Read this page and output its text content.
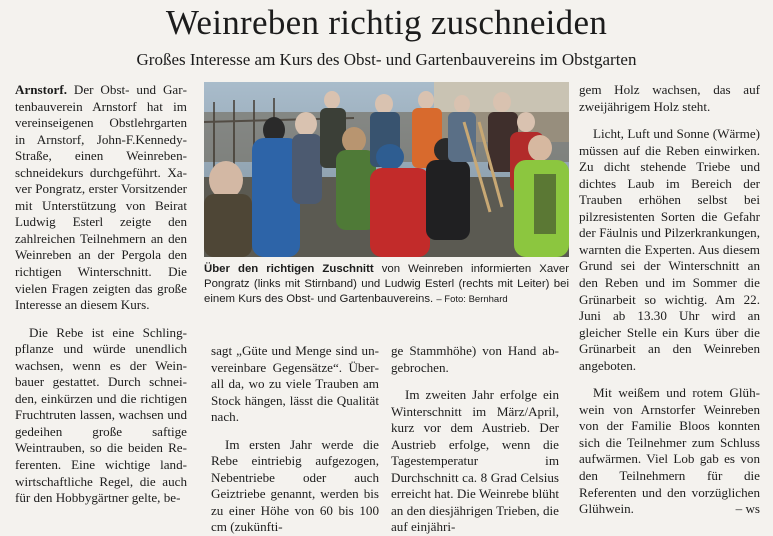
Weinreben richtig zuschneiden
Großes Interesse am Kurs des Obst- und Gartenbauvereins im Obstgarten

Arnstorf. Der Obst- und Gartenbauverein Arnstorf hat im vereinseigenen Obstlehrgarten in Arnstorf, John-F.Kennedy-Straße, einen Weinrebenschneidekurs durchgeführt. Xaver Pongratz, erster Vorsitzender mit Unterstützung von Beirat Ludwig Esterl zeigte den zahlreichen Teilnehmern an den Weinreben an der Pergola den richtigen Winterschnitt. Die vielen Fragen zeigten das große Interesse an diesem Kurs.

Die Rebe ist eine Schlingpflanze und würde unendlich wachsen, wenn es der Weinbauer gestattet. Durch schneiden, einkürzen und die richtigen Fruchtruten lassen, wachsen und gedeihen große saftige Weintrauben, so die beiden Referenten. Eine wichtige landwirtschaftliche Regel, die auch für den Hobbygärtner gelte, be-

Über den richtigen Zuschnitt von Weinreben informierten Xaver Pongratz (links mit Stirnband) und Ludwig Esterl (rechts mit Leiter) bei einem Kurs des Obst- und Gartenbauvereins. – Foto: Bernhard

sagt „Güte und Menge sind unvereinbare Gegensätze“. Überall da, wo zu viele Trauben am Stock hängen, lässt die Qualität nach.

Im ersten Jahr werde die Rebe eintriebig aufgezogen, Nebentriebe oder auch Geiztriebe genannt, werden bis zu einer Höhe von 60 bis 100 cm (zukünfti-

ge Stammhöhe) von Hand abgebrochen.

Im zweiten Jahr erfolge ein Winterschnitt im März/April, kurz vor dem Austrieb. Der Austrieb erfolge, wenn die Tagestemperatur im Durchschnitt ca. 8 Grad Celsius erreicht hat. Die Weinrebe blüht an den diesjährigen Trieben, die auf einjähri-

gem Holz wachsen, das auf zweijährigem Holz steht.

Licht, Luft und Sonne (Wärme) müssen auf die Reben einwirken. Zu dicht stehende Triebe und dichtes Laub im Bereich der Trauben erhöhen selbst bei pilzresistenten Sorten die Gefahr der Fäulnis und Pilzerkrankungen, warnten die Experten. Aus diesem Grund sei der Winterschnitt an den Reben und im Sommer die Grünarbeit so wichtig. Am 22. Juni ab 13.30 Uhr wird an gleicher Stelle ein Kurs über die Grünarbeit an den Weinreben angeboten.

Mit weißem und rotem Glühwein von Arnstorfer Weinreben von der Familie Bloos konnten sich die Teilnehmer zum Schluss aufwärmen. Viel Lob gab es von den Teilnehmern für die Referenten und den vorzüglichen Glühwein.	– ws
